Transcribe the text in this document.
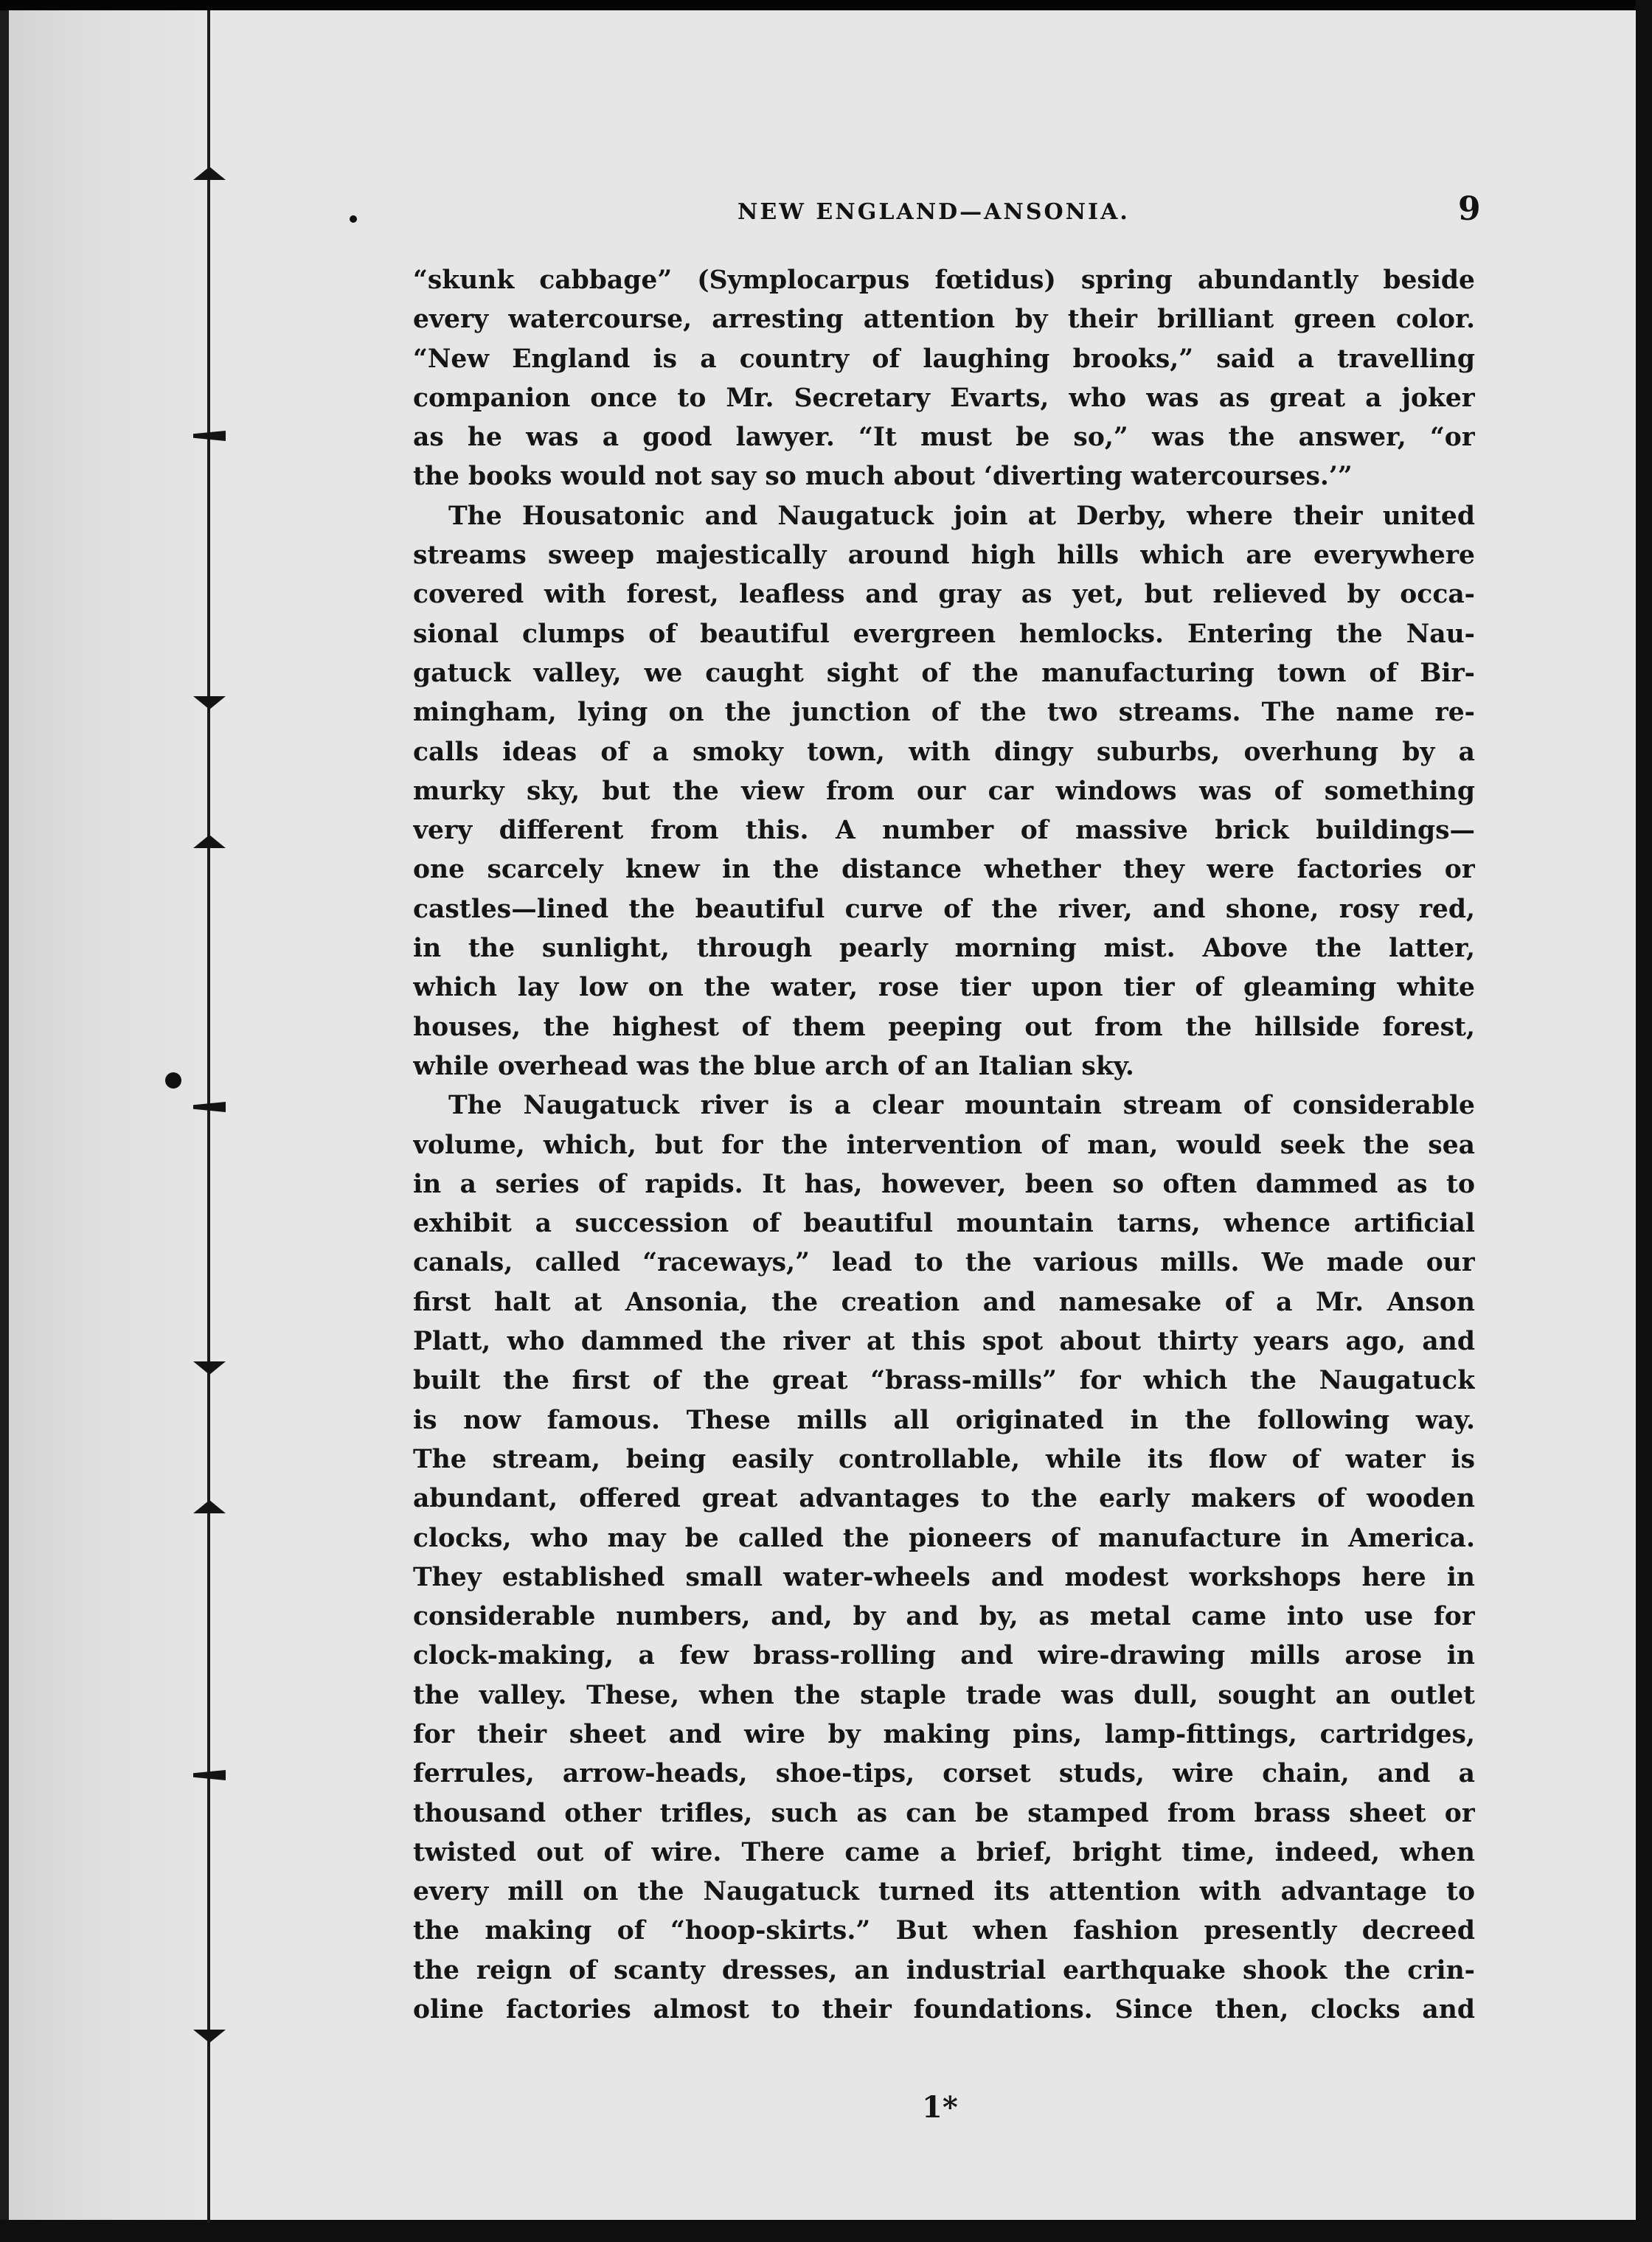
NEW ENGLAND—ANSONIA.	9
“skunk cabbage” (Symplocarpus fœtidus) spring abundantly beside
every watercourse, arresting attention by their brilliant green color.
“New England is a country of laughing brooks,” said a travelling
companion once to Mr. Secretary Evarts, who was as great a joker
as he was a good lawyer. “It must be so,” was the answer, “or
the books would not say so much about ‘diverting watercourses.’”
The Housatonic and Naugatuck join at Derby, where their united
streams sweep majestically around high hills which are everywhere
covered with forest, leafless and gray as yet, but relieved by occa-
sional clumps of beautiful evergreen hemlocks. Entering the Nau-
gatuck valley, we caught sight of the manufacturing town of Bir-
mingham, lying on the junction of the two streams. The name re-
calls ideas of a smoky town, with dingy suburbs, overhung by a
murky sky, but the view from our car windows was of something
very different from this. A number of massive brick buildings—
one scarcely knew in the distance whether they were factories or
castles—lined the beautiful curve of the river, and shone, rosy red,
in the sunlight, through pearly morning mist. Above the latter,
which lay low on the water, rose tier upon tier of gleaming white
houses, the highest of them peeping out from the hillside forest,
while overhead was the blue arch of an Italian sky.
The Naugatuck river is a clear mountain stream of considerable
volume, which, but for the intervention of man, would seek the sea
in a series of rapids. It has, however, been so often dammed as to
exhibit a succession of beautiful mountain tarns, whence artificial
canals, called “raceways,” lead to the various mills. We made our
first halt at Ansonia, the creation and namesake of a Mr. Anson
Platt, who dammed the river at this spot about thirty years ago, and
built the first of the great “brass-mills” for which the Naugatuck
is now famous. These mills all originated in the following way.
The stream, being easily controllable, while its flow of water is
abundant, offered great advantages to the early makers of wooden
clocks, who may be called the pioneers of manufacture in America.
They established small water-wheels and modest workshops here in
considerable numbers, and, by and by, as metal came into use for
clock-making, a few brass-rolling and wire-drawing mills arose in
the valley. These, when the staple trade was dull, sought an outlet
for their sheet and wire by making pins, lamp-fittings, cartridges,
ferrules, arrow-heads, shoe-tips, corset studs, wire chain, and a
thousand other trifles, such as can be stamped from brass sheet or
twisted out of wire. There came a brief, bright time, indeed, when
every mill on the Naugatuck turned its attention with advantage to
the making of “hoop-skirts.” But when fashion presently decreed
the reign of scanty dresses, an industrial earthquake shook the crin-
oline factories almost to their foundations. Since then, clocks and
1*
